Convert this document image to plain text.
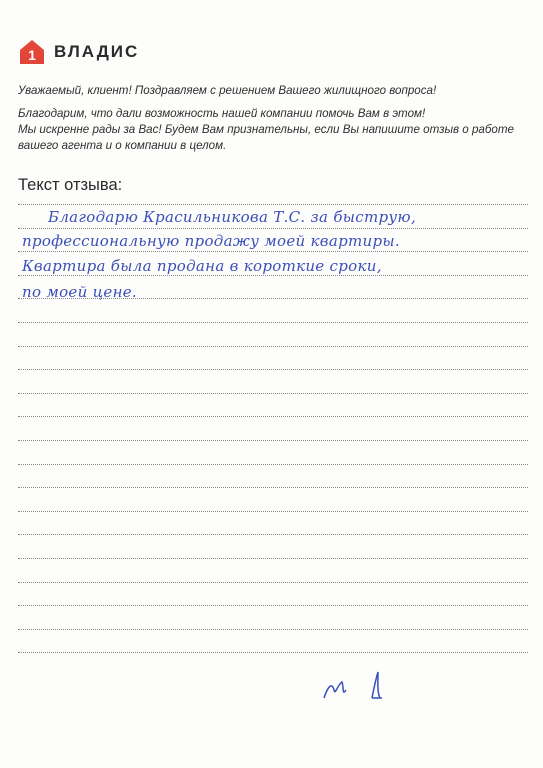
1 ВЛАДИС

Уважаемый, клиент! Поздравляем с решением Вашего жилищного вопроса!

Благодарим, что дали возможность нашей компании помочь Вам в этом!

Мы искренне рады за Вас! Будем Вам признательны, если Вы напишите отзыв о работе

вашего агента и о компании в целом.

Текст отзыва:
Благодарю Красильникова Т.С. за быструю,
профессиональную продажу моей квартиры.
Квартира была продана в короткие сроки,
по моей цене.
